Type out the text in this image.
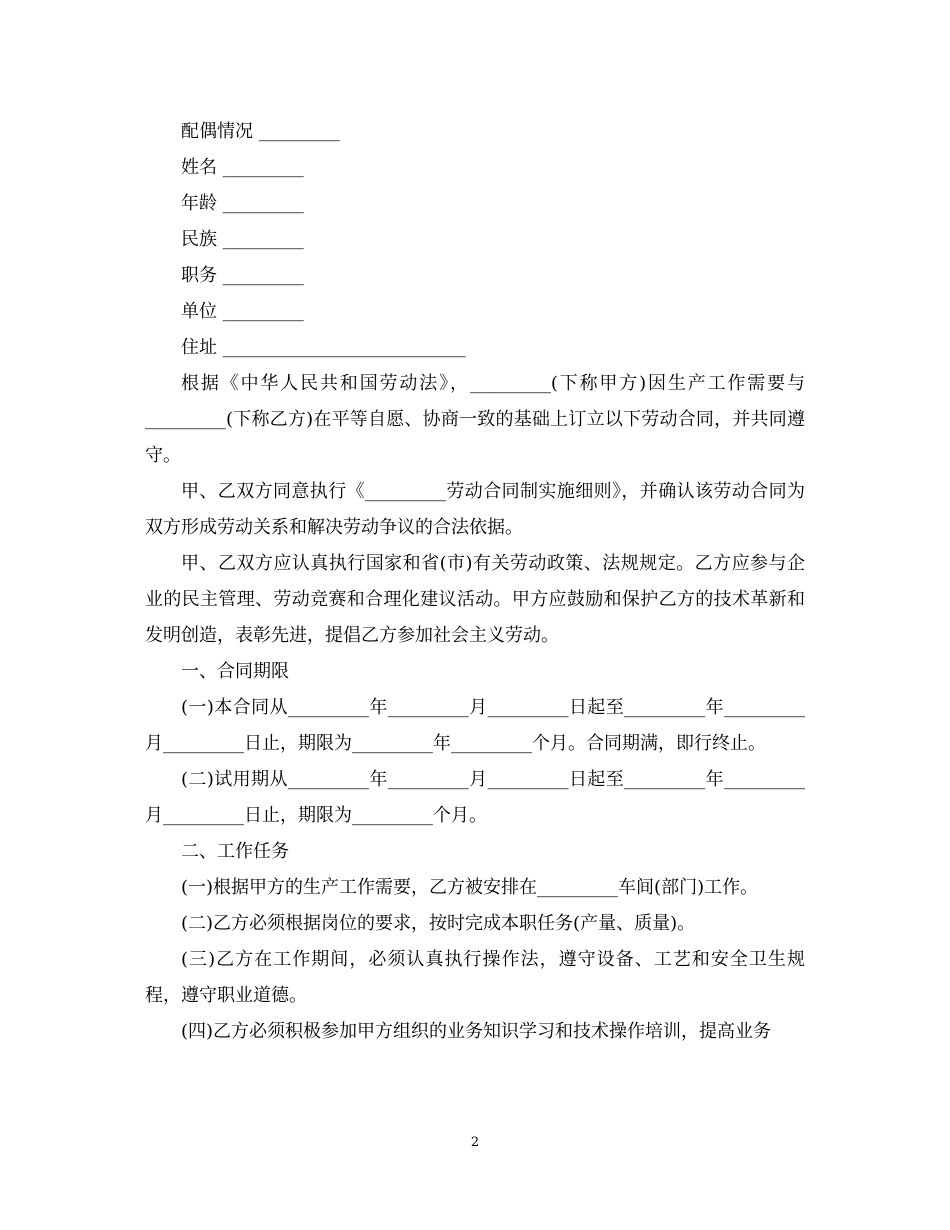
配偶情况 _________

姓名 _________

年龄 _________

民族 _________

职务 _________

单位 _________

住址 ___________________________

根据《中华人民共和国劳动法》，_________(下称甲方)因生产工作需要与_________(下称乙方)在平等自愿、协商一致的基础上订立以下劳动合同，并共同遵守。

甲、乙双方同意执行《_________劳动合同制实施细则》，并确认该劳动合同为双方形成劳动关系和解决劳动争议的合法依据。

甲、乙双方应认真执行国家和省(市)有关劳动政策、法规规定。乙方应参与企业的民主管理、劳动竞赛和合理化建议活动。甲方应鼓励和保护乙方的技术革新和发明创造，表彰先进，提倡乙方参加社会主义劳动。

一、合同期限

(一)本合同从_________年_________月_________日起至_________年_________月_________日止，期限为_________年_________个月。合同期满，即行终止。

(二)试用期从_________年_________月_________日起至_________年_________月_________日止，期限为_________个月。

二、工作任务

(一)根据甲方的生产工作需要，乙方被安排在_________车间(部门)工作。

(二)乙方必须根据岗位的要求，按时完成本职任务(产量、质量)。

(三)乙方在工作期间，必须认真执行操作法，遵守设备、工艺和安全卫生规程，遵守职业道德。

(四)乙方必须积极参加甲方组织的业务知识学习和技术操作培训，提高业务

2
